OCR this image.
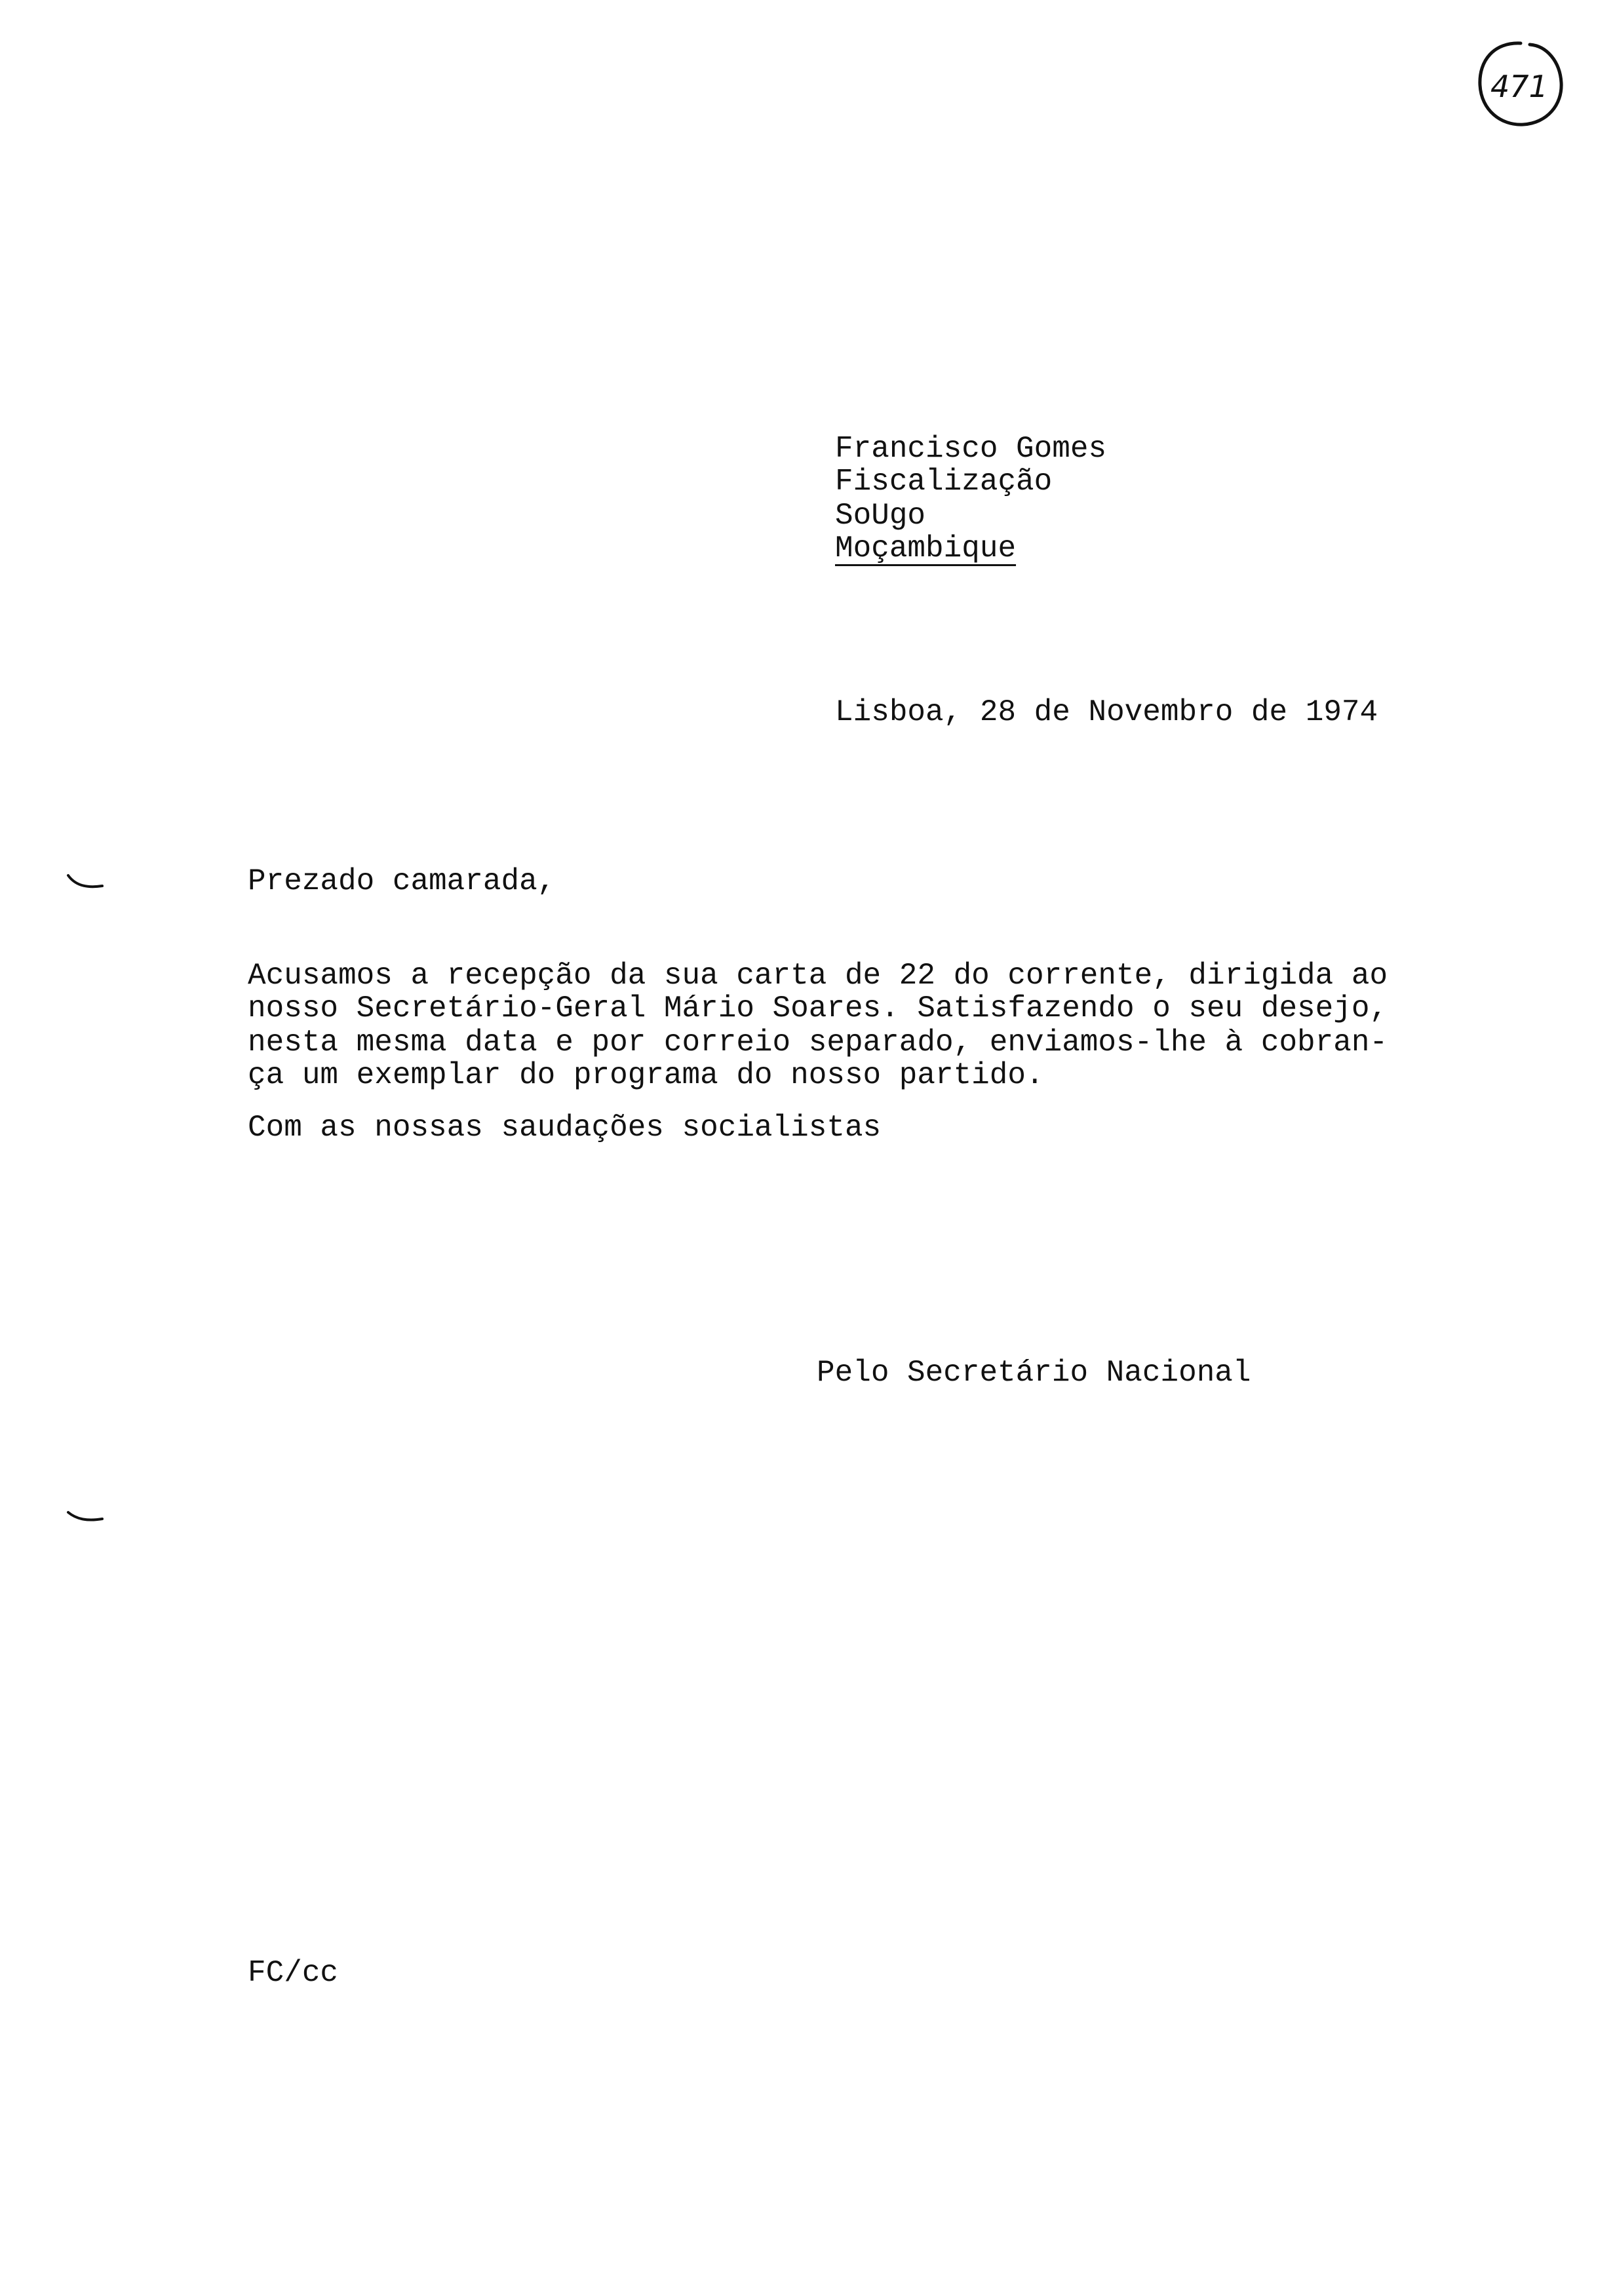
471
Francisco Gomes
Fiscalização
SoUgo
Moçambique
Lisboa, 28 de Novembro de 1974
Prezado camarada,
Acusamos a recepção da sua carta de 22 do corrente, dirigida ao
nosso Secretário-Geral Mário Soares. Satisfazendo o seu desejo,
nesta mesma data e por correio separado, enviamos-lhe à cobran-
ça um exemplar do programa do nosso partido.
Com as nossas saudações socialistas
Pelo Secretário Nacional
FC/cc
